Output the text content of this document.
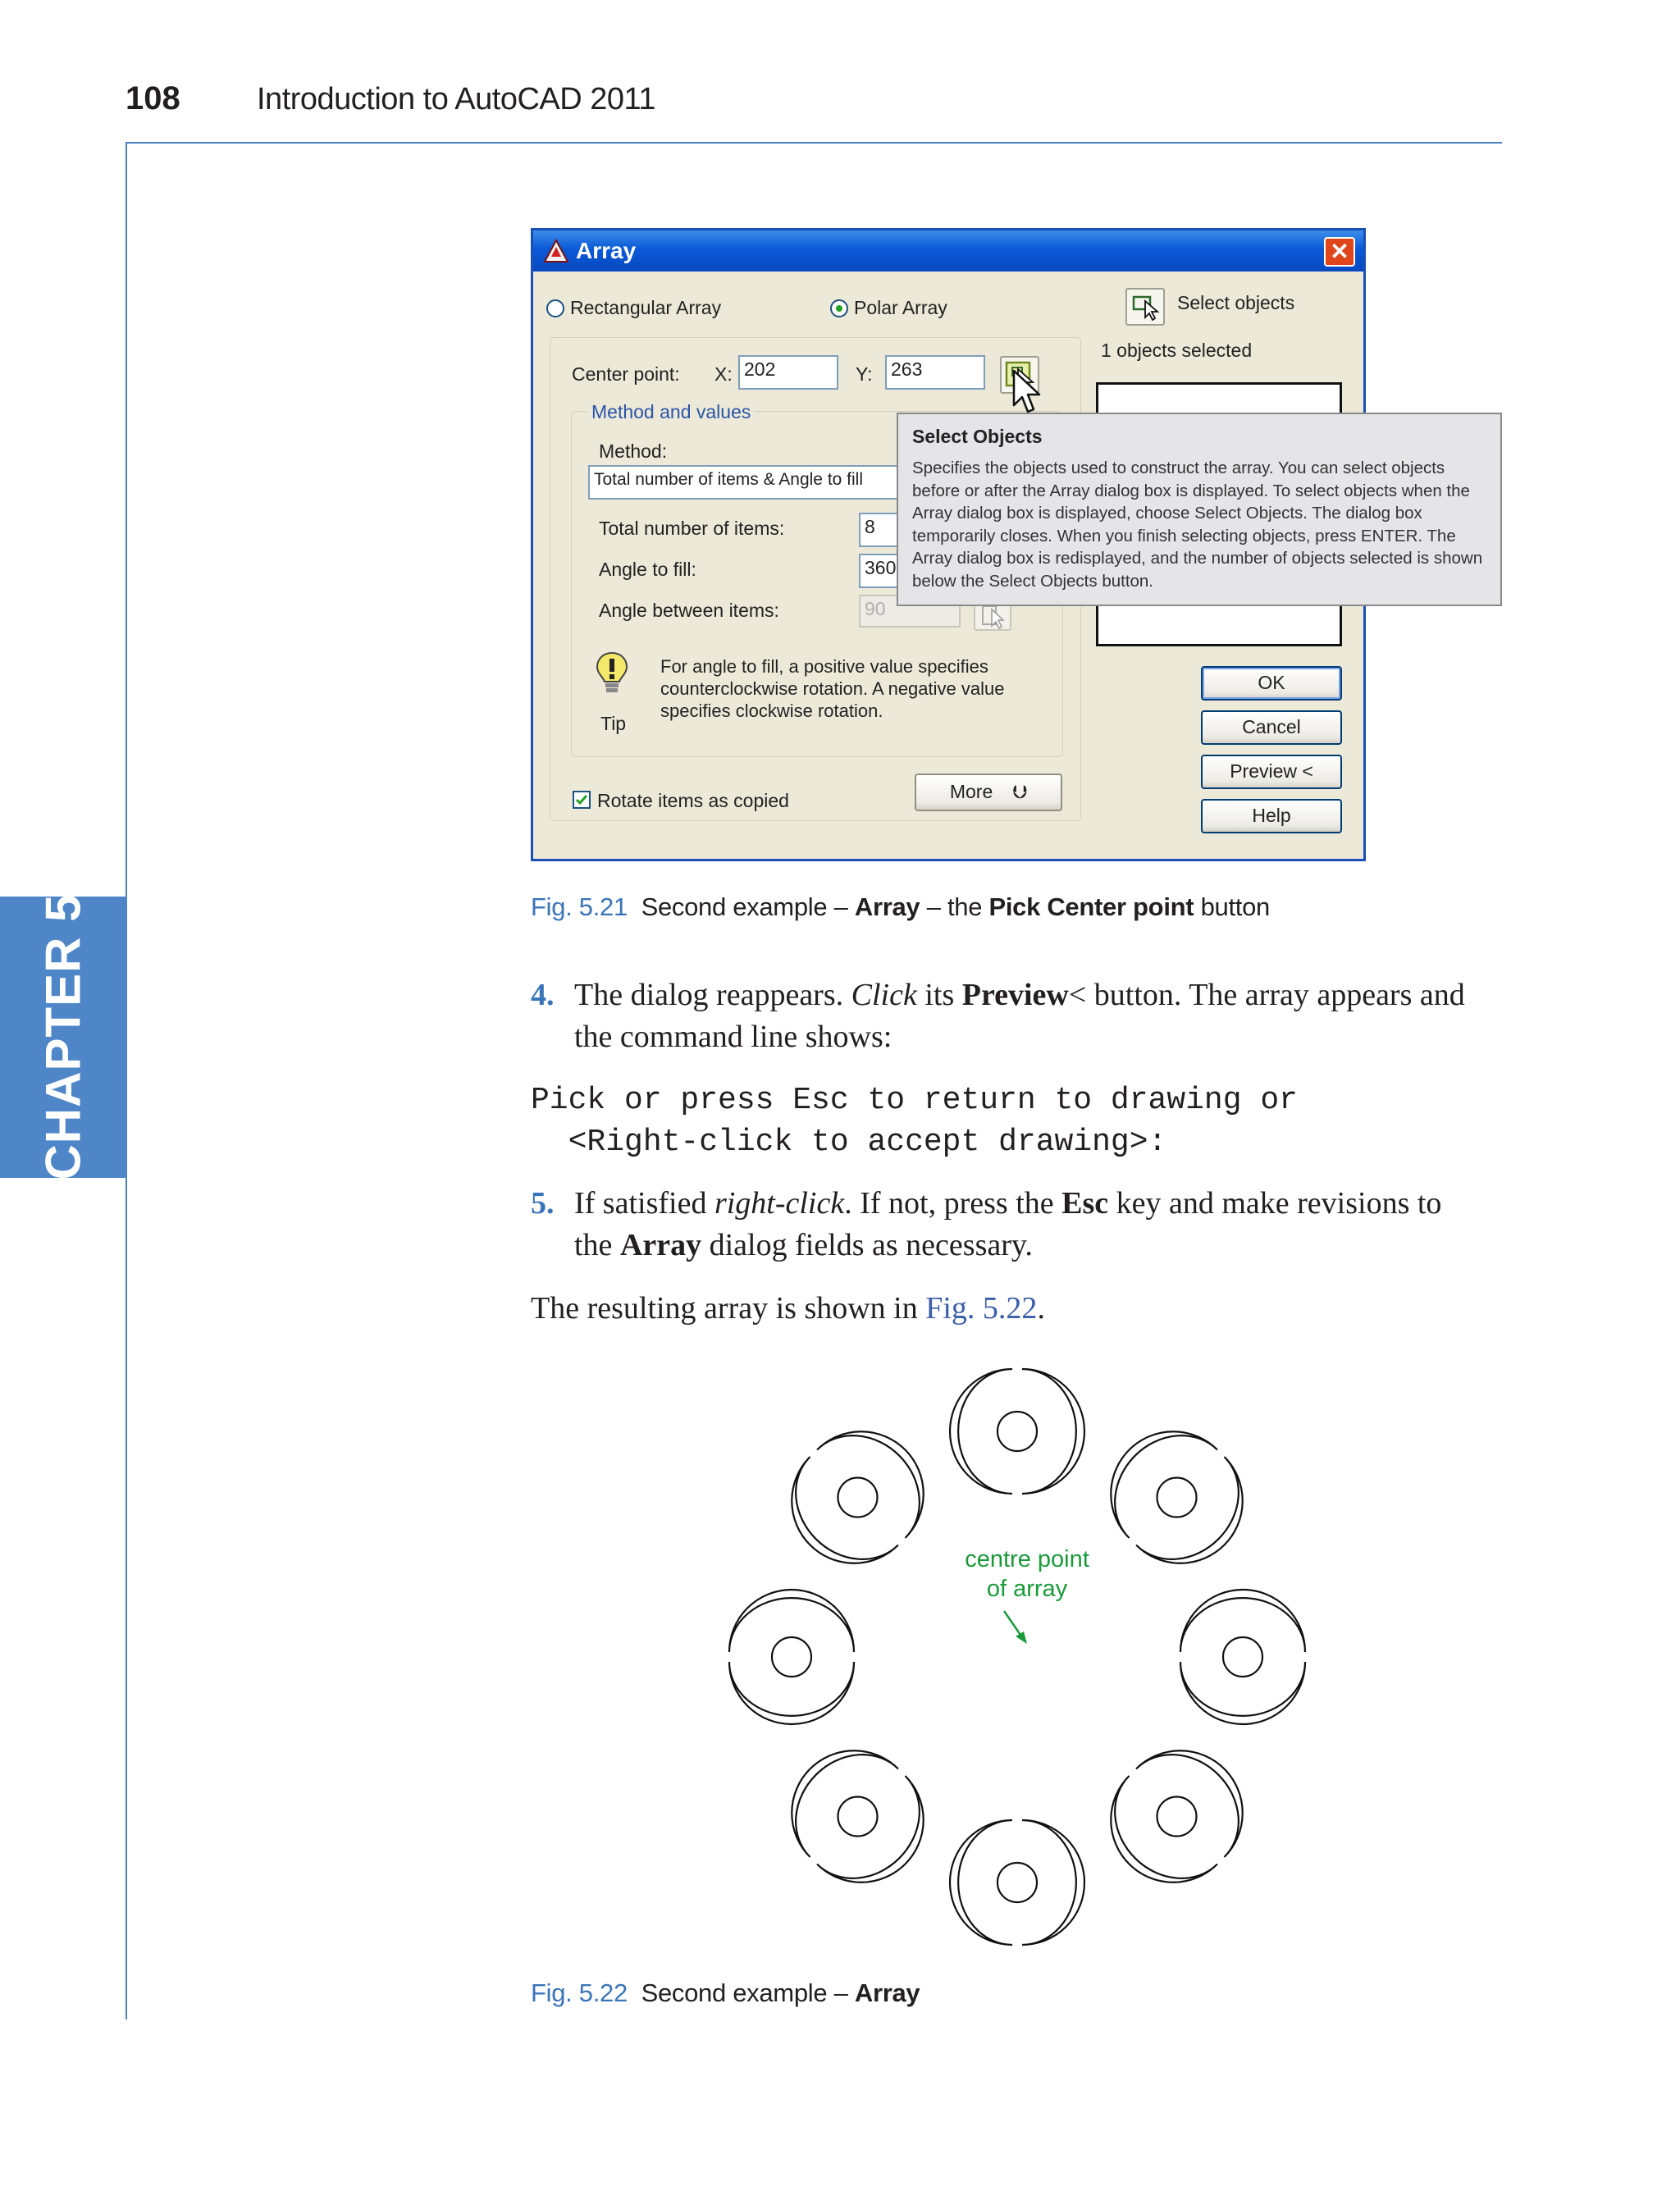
108 Introduction to AutoCAD 2011
CHAPTER 5
Array	✕
Rectangular Array	Polar Array	Select objects
1 objects selected
Center point: X: 202	Y: 263
Method and values
Method:
Total number of items & Angle to fill
Total number of items:	8
Angle to fill:	360
Angle between items:	90
Tip
For angle to fill, a positive value specifies counterclockwise rotation. A negative value specifies clockwise rotation.
Rotate items as copied	More ⮋
OK
Cancel
Preview <
Help
Select Objects
Specifies the objects used to construct the array. You can select objects before or after the Array dialog box is displayed. To select objects when the Array dialog box is displayed, choose Select Objects. The dialog box temporarily closes. When you finish selecting objects, press ENTER. The Array dialog box is redisplayed, and the number of objects selected is shown below the Select Objects button.
Fig. 5.21 Second example – Array – the Pick Center point button
4. The dialog reappears. Click its Preview< button. The array appears and the command line shows:
Pick or press Esc to return to drawing or
<Right-click to accept drawing>:
5. If satisfied right-click. If not, press the Esc key and make revisions to the Array dialog fields as necessary.
The resulting array is shown in Fig. 5.22.
centre point
of array
Fig. 5.22 Second example – Array
